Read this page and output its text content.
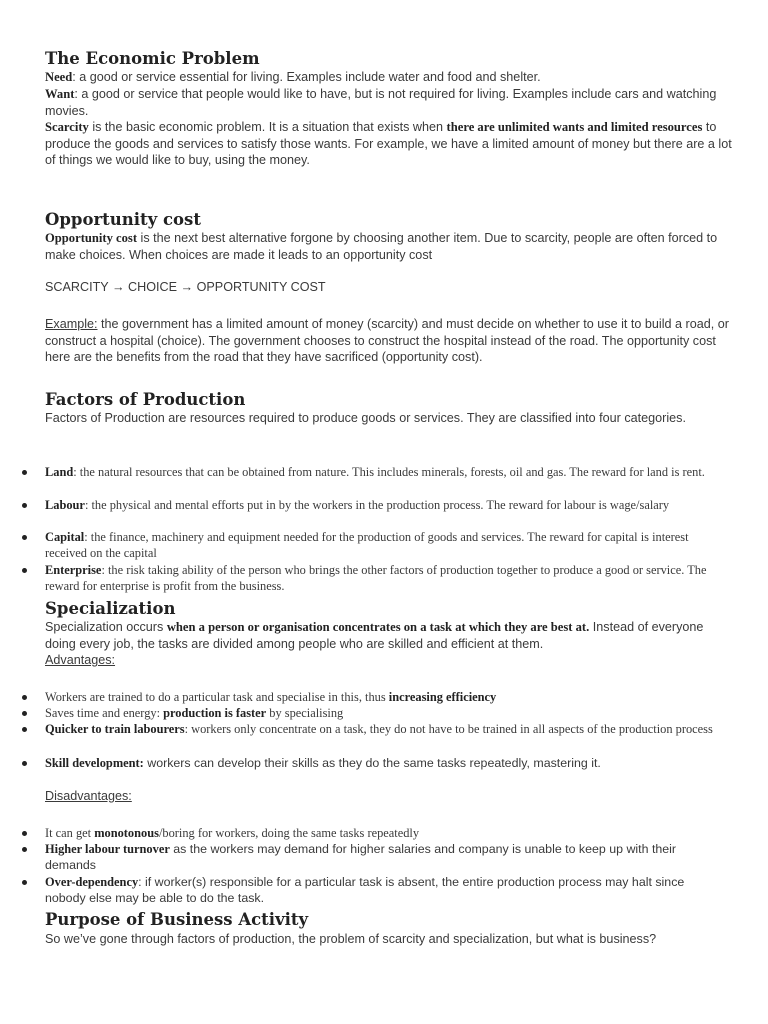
The Economic Problem

Need: a good or service essential for living. Examples include water and food and shelter.

Want: a good or service that people would like to have, but is not required for living. Examples include cars and watching movies.

Scarcity is the basic economic problem. It is a situation that exists when there are unlimited wants and limited resources to produce the goods and services to satisfy those wants. For example, we have a limited amount of money but there are a lot of things we would like to buy, using the money.

Opportunity cost

Opportunity cost is the next best alternative forgone by choosing another item. Due to scarcity, people are often forced to make choices. When choices are made it leads to an opportunity cost

SCARCITY → CHOICE → OPPORTUNITY COST

Example: the government has a limited amount of money (scarcity) and must decide on whether to use it to build a road, or construct a hospital (choice). The government chooses to construct the hospital instead of the road. The opportunity cost here are the benefits from the road that they have sacrificed (opportunity cost).

Factors of Production

Factors of Production are resources required to produce goods or services. They are classified into four categories.

Land: the natural resources that can be obtained from nature. This includes minerals, forests, oil and gas. The reward for land is rent.
Labour: the physical and mental efforts put in by the workers in the production process. The reward for labour is wage/salary
Capital: the finance, machinery and equipment needed for the production of goods and services. The reward for capital is interest received on the capital
Enterprise: the risk taking ability of the person who brings the other factors of production together to produce a good or service. The reward for enterprise is profit from the business.
Specialization

Specialization occurs when a person or organisation concentrates on a task at which they are best at. Instead of everyone doing every job, the tasks are divided among people who are skilled and efficient at them.

Advantages:

Workers are trained to do a particular task and specialise in this, thus increasing efficiency
Saves time and energy: production is faster by specialising
Quicker to train labourers: workers only concentrate on a task, they do not have to be trained in all aspects of the production process
Skill development: workers can develop their skills as they do the same tasks repeatedly, mastering it.

Disadvantages:

It can get monotonous/boring for workers, doing the same tasks repeatedly
Higher labour turnover as the workers may demand for higher salaries and company is unable to keep up with their demands
Over-dependency: if worker(s) responsible for a particular task is absent, the entire production process may halt since nobody else may be able to do the task.
Purpose of Business Activity

So we’ve gone through factors of production, the problem of scarcity and specialization, but what is business?
